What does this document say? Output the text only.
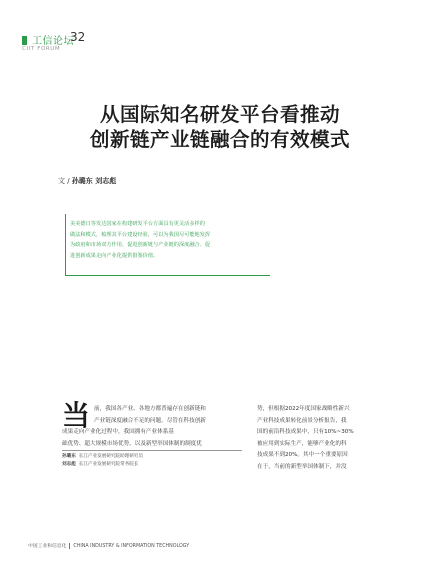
工信论坛
32
CIIT FORUM
从国际知名研发平台看推动
创新链产业链融合的有效模式
文 / 孙璐东 刘志彪
美美德日等发达国家在构建研发平台方面具有更灵活多样的
做法和模式，梳理其平台建设经验，可以为我国尽可能地发挥
为政府和市场双方作用、促进创新链与产业链的深度融合、促
进创新成果走向产业化提供借鉴价值。
当 前，我国各产业、各地方都普遍存在创新链和
产业链深度融合不足的问题。尽管在科技创新
成果走向产业化过程中，我国拥有产业体系基
础优势、超大规模市场优势，以及新型举国体制的制度优
势，但根据2022年度国家战略性新兴
产业科技成果转化前景分析报告，我
国的前沿科技成果中，只有10%~30%
被应用到实际生产，能够产业化的科
技成果不到20%。其中一个重要原因
在于，当前的新型举国体制下，并没
孙璐东 长江产业发展研究院助理研究员
刘志彪 长江产业发展研究院常务院长
中国工业和信息化 CHINA INDUSTRY & INFORMATION TECHNOLOGY
